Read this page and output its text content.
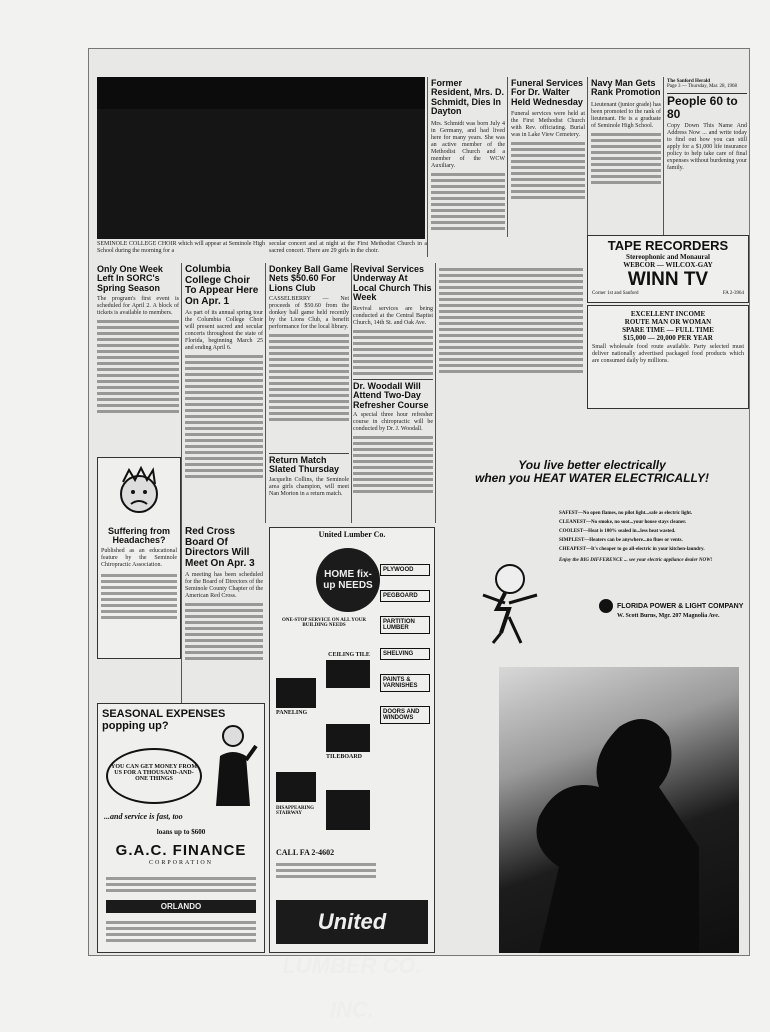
SEMINOLE COLLEGE CHOIR which will appear at Seminole High School during the morning for a
secular concert and at night at the First Methodist Church in a sacred concert. There are 29 girls in the choir.
Former Resident, Mrs. D. Schmidt, Dies In Dayton
Mrs. Schmidt was born July 4 in Germany, and had lived here for many years. She was an active member of the Methodist Church and a member of the WCW Auxiliary.
Funeral Services For Dr. Walter Held Wednesday
Funeral services were held at the First Methodist Church with Rev. officiating. Burial was in Lake View Cemetery.
Navy Man Gets Rank Promotion
Lieutenant (junior grade) has been promoted to the rank of lieutenant. He is a graduate of Seminole High School.
The Sanford Herald
Page 3 — Thursday, Mar. 28, 1968
People 60 to 80
Copy Down This Name And Address Now ... and write today to find out how you can still apply for a $1,000 life insurance policy to help take care of final expenses without burdening your family.
TAPE RECORDERS
Stereophonic and Monaural
WEBCOR — WILCOX-GAY
WINN TV
Corner 1st and Sanford	FA 2-3964
EXCELLENT INCOME
ROUTE MAN OR WOMAN
SPARE TIME — FULL TIME
$15,000 — 20,000 PER YEAR
Small wholesale food route available. Party selected must deliver nationally advertised packaged food products which are consumed daily by millions.
Only One Week Left In SORC's Spring Season
The program's first event is scheduled for April 2. A block of tickets is available to members.
Suffering from Headaches?
Published as an educational feature by the Seminole Chiropractic Association.
Columbia College Choir To Appear Here On Apr. 1
As part of its annual spring tour the Columbia College Choir will present sacred and secular concerts throughout the state of Florida, beginning March 25 and ending April 6.
Donkey Ball Game Nets $50.60 For Lions Club
CASSELBERRY — Net proceeds of $50.60 from the donkey ball game held recently by the Lions Club, a benefit performance for the local library.
Return Match Slated Thursday
Jacquelin Collins, the Seminole area girls champion, will meet Nan Morton in a return match.
Revival Services Underway At Local Church This Week
Revival services are being conducted at the Central Baptist Church, 14th St. and Oak Ave.
Dr. Woodall Will Attend Two-Day Refresher Course
A special three hour refresher course in chiropractic will be conducted by Dr. J. Woodall.
Red Cross Board Of Directors Will Meet On Apr. 3
A meeting has been scheduled for the Board of Directors of the Seminole County Chapter of the American Red Cross.
SEASONAL EXPENSES popping up?
YOU CAN GET MONEY FROM US FOR A THOUSAND-AND-ONE THINGS
...and service is fast, too
loans up to $600
G.A.C. FINANCE
CORPORATION
ORLANDO
United Lumber Co.
HOME fix-up NEEDS
ONE-STOP SERVICE ON ALL YOUR BUILDING NEEDS
PLYWOOD
PEGBOARD
PARTITION LUMBER
SHELVING
PAINTS & VARNISHES
DOORS AND WINDOWS
CEILING TILE
PANELING
TILEBOARD
DISAPPEARING STAIRWAY
CALL FA 2-4602
United LUMBER CO. INC.
You live better electrically
when you HEAT WATER ELECTRICALLY!
SAFEST—No open flames, no pilot light...safe as electric light.
CLEANEST—No smoke, no soot...your house stays cleaner.
COOLEST—Heat is 100% sealed in...less heat wasted.
SIMPLEST—Heaters can be anywhere...no flues or vents.
CHEAPEST—It's cheaper to go all-electric in your kitchen-laundry.
Enjoy the BIG DIFFERENCE ... see your electric appliance dealer NOW!
FLORIDA POWER & LIGHT COMPANY
W. Scott Burns, Mgr. 207 Magnolia Ave.
